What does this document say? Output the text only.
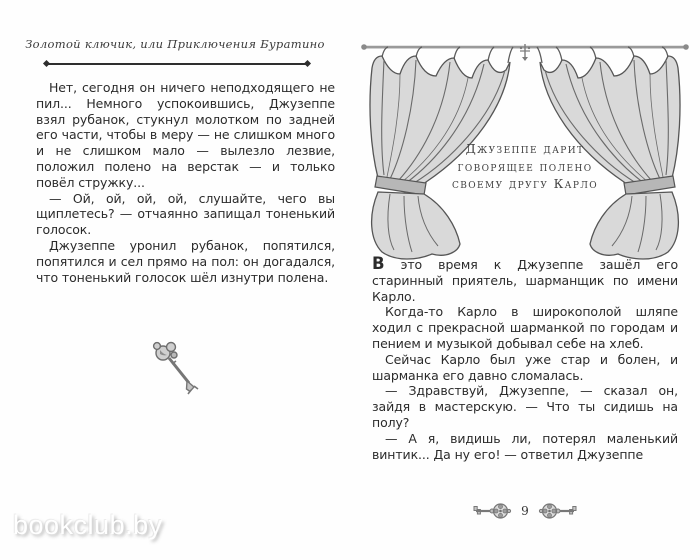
Золотой ключик, или Приключения Буратино

Нет, сегодня он ничего неподходящего не пил... Немного успокоившись, Джузеппе взял рубанок, стукнул молотком по задней его части, чтобы в меру — не слишком много и не слишком мало — вылезло лезвие, положил полено на верстак — и только повёл стружку...

— Ой, ой, ой, ой, слушайте, чего вы щиплетесь? — отчаянно запищал тоненький голосок.

Джузеппе уронил рубанок, попятился, попятился и сел прямо на пол: он догадался, что тоненький голосок шёл изнутри полена.

Джузеппе дарит
говорящее полено
своему другу Карло

В это время к Джузеппе зашёл его старинный приятель, шарманщик по имени Карло.

Когда-то Карло в широкополой шляпе ходил с прекрасной шарманкой по городам и пением и музыкой добывал себе на хлеб.

Сейчас Карло был уже стар и болен, и шарманка его давно сломалась.

— Здравствуй, Джузеппе, — сказал он, зайдя в мастерскую. — Что ты сидишь на полу?

— А я, видишь ли, потерял маленький винтик... Да ну его! — ответил Джузеппе

9
bookclub.by
